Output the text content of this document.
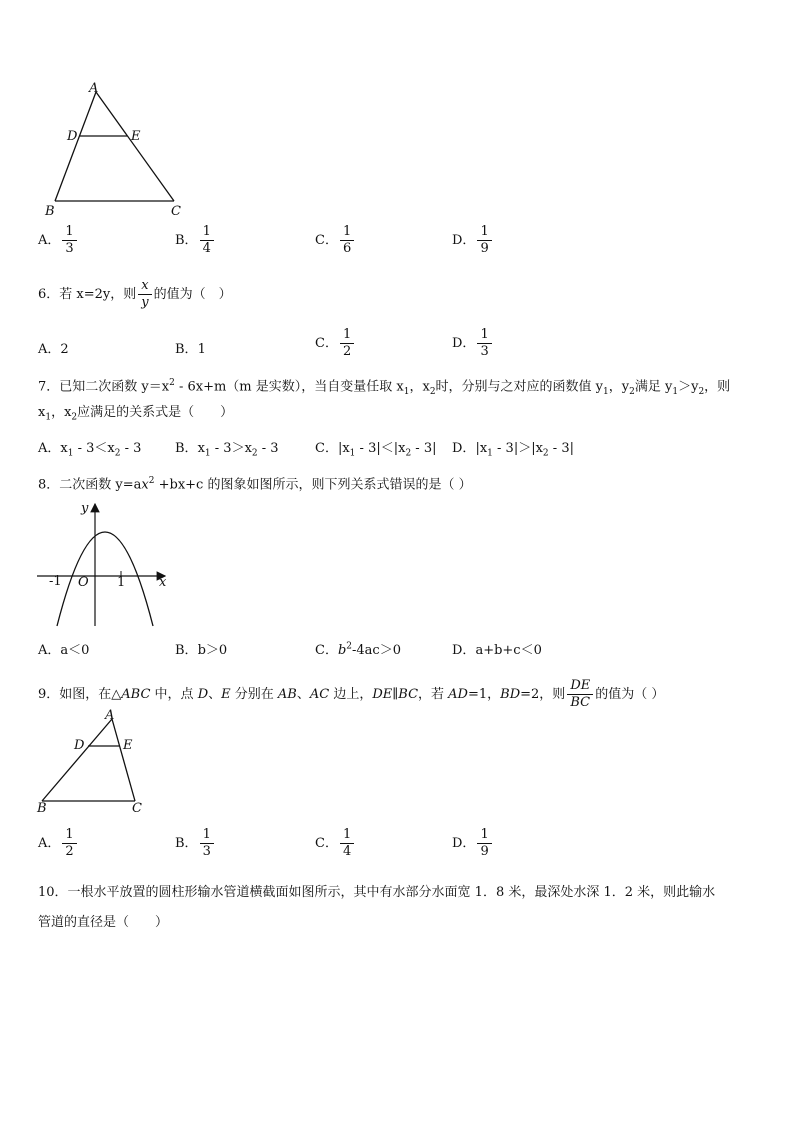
A
D	E
B	C
A． $\frac{1}{3}$	B． $\frac{1}{4}$	C． $\frac{1}{6}$	D． $\frac{1}{9}$
6．若 x=2y，则 $\frac{x}{y}$ 的值为（　）
A．2	B．1	C． $\frac{1}{2}$	D． $\frac{1}{3}$
7．已知二次函数 $y=x^2 - 6x+m(m$ 是实数），当自变量任取 $x_1$，$x_2$时，分别与之对应的函数值 $y_1$，$y_2$满足 $y_1>y_2$，则
$x_1$，$x_2$应满足的关系式是（　　）
A．$x_1 - 3<x_2 - 3$	B．$x_1 - 3>x_2 - 3$	C．$|x_1 - 3|<|x_2 - 3|$ D．$|x_1 - 3|>|x_2 - 3|$
8．二次函数 $y=ax^2 +bx+c$ 的图象如图所示，则下列关系式错误的是（ ）
y
x
O
-1	1
A．a＜0	B．b＞0	C．$b^2-4ac>0$	D．a+b+c＜0
9．如图，在△ABC 中，点 D、E 分别在 AB、AC 边上，DE∥BC，若 AD=1，BD=2，则 $\frac{DE}{BC}$ 的值为（ ）
A
D	E
B	C
A． $\frac{1}{2}$	B． $\frac{1}{3}$	C． $\frac{1}{4}$	D． $\frac{1}{9}$
10．一根水平放置的圆柱形输水管道横截面如图所示，其中有水部分水面宽 1．8 米，最深处水深 1．2 米，则此输水
管道的直径是（　　）
